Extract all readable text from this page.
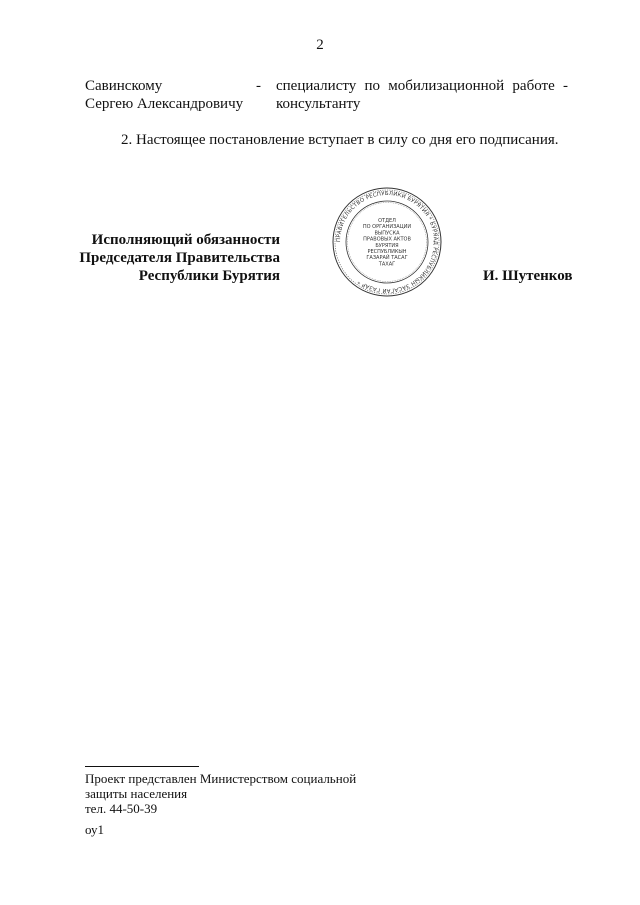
2
Савинскому
Сергею Александровичу
- специалисту по мобилизационной работе -
консультанту
2. Настоящее постановление вступает в силу со дня его подписания.
Исполняющий обязанности
Председателя Правительства
Республики Бурятия
ПРАВИТЕЛЬСТВО РЕСПУБЛИКИ БУРЯТИЯ * БУРЯАД РЕСПУБЛИКЫН ЗАСАГАЙ ГАЗАР *
ОТДЕЛ
ПО ОРГАНИЗАЦИИ
ВЫПУСКА
ПРАВОВЫХ АКТОВ
БУРЯТИЯ
РЕСПУБЛИКЫН
ГАЗАРАЙ ТАСАГ
ТАХАГ
И. Шутенков
Проект представлен Министерством социальной
защиты населения
тел. 44-50-39
оу1
